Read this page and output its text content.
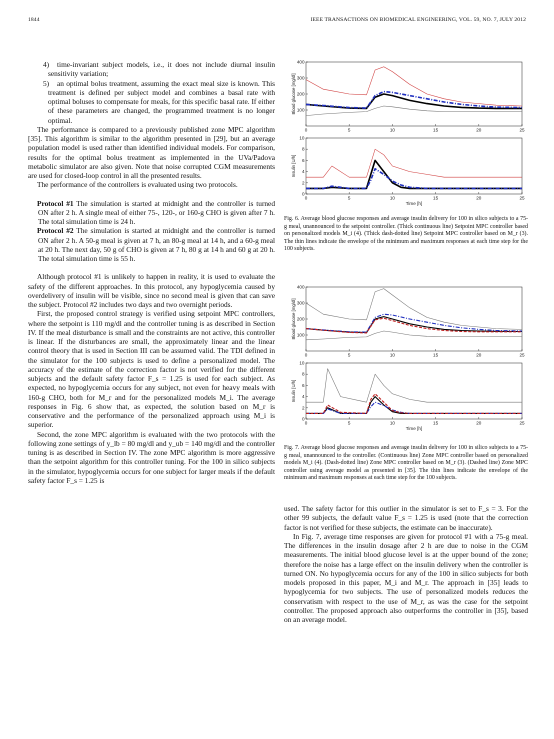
1844	IEEE TRANSACTIONS ON BIOMEDICAL ENGINEERING, VOL. 59, NO. 7, JULY 2012

4) time-invariant subject models, i.e., it does not include diurnal insulin sensitivity variation;

5) an optimal bolus treatment, assuming the exact meal size is known. This treatment is defined per subject model and combines a basal rate with optimal boluses to compensate for meals, for this specific basal rate. If either of these parameters are changed, the programmed treatment is no longer optimal.

The performance is compared to a previously published zone MPC algorithm [35]. This algorithm is similar to the algorithm presented in [29], but an average population model is used rather than identified individual models. For comparison, results for the optimal bolus treatment as implemented in the UVa/Padova metabolic simulator are also given. Note that noise corrupted CGM measurements are used for closed-loop control in all the presented results.

The performance of the controllers is evaluated using two protocols.

Protocol #1 The simulation is started at midnight and the controller is turned ON after 2 h. A single meal of either 75-, 120-, or 160-g CHO is given after 7 h. The total simulation time is 24 h.

Protocol #2 The simulation is started at midnight and the controller is turned ON after 2 h. A 50-g meal is given at 7 h, an 80-g meal at 14 h, and a 60-g meal at 20 h. The next day, 50 g of CHO is given at 7 h, 80 g at 14 h and 60 g at 20 h. The total simulation time is 55 h.

Although protocol #1 is unlikely to happen in reality, it is used to evaluate the safety of the different approaches. In this protocol, any hypoglycemia caused by overdelivery of insulin will be visible, since no second meal is given that can save the subject. Protocol #2 includes two days and two overnight periods.

First, the proposed control strategy is verified using setpoint MPC controllers, where the setpoint is 110 mg/dl and the controller tuning is as described in Section IV. If the meal disturbance is small and the constraints are not active, this controller is linear. If the disturbances are small, the approximately linear and the linear control theory that is used in Section III can be assumed valid. The TDI defined in the simulator for the 100 subjects is used to define a personalized model. The accuracy of the estimate of the correction factor is not verified for the different subjects and the default safety factor F_s = 1.25 is used for each subject. As expected, no hypoglycemia occurs for any subject, not even for heavy meals with 160-g CHO, both for M_r and for the personalized models M_i. The average responses in Fig. 6 show that, as expected, the solution based on M_r is conservative and the performance of the personalized approach using M_i is superior.

Second, the zone MPC algorithm is evaluated with the two protocols with the following zone settings of y_lb = 80 mg/dl and y_ub = 140 mg/dl and the controller tuning is as described in Section IV. The zone MPC algorithm is more aggressive than the setpoint algorithm for this controller tuning. For the 100 in silico subjects in the simulator, hypoglycemia occurs for one subject for larger meals if the default safety factor F_s = 1.25 is

100
200
300
400
0	5	10	15	20	25
Blood glucose [mg/dl]
0
2
4
6
8
10
0	5	10	15	20	25
Insulin [U/h]
Time [h]
Fig. 6. Average blood glucose responses and average insulin delivery for 100 in silico subjects to a 75-g meal, unannounced to the setpoint controller. (Thick continuous line) Setpoint MPC controller based on personalized models M_i (4). (Thick dash-dotted line) Setpoint MPC controller based on M_r (3). The thin lines indicate the envelope of the minimum and maximum responses at each time step for the 100 subjects.
100
200
300
400
0	5	10	15	20	25
Blood glucose [mg/dl]
0
2
4
6
8
10
0	5	10	15	20	25
Insulin [U/h]
Time [h]
Fig. 7. Average blood glucose responses and average insulin delivery for 100 in silico subjects to a 75-g meal, unannounced to the controller. (Continuous line) Zone MPC controller based on personalized models M_i (4). (Dash-dotted line) Zone MPC controller based on M_r (3). (Dashed line) Zone MPC controller using average model as presented in [35]. The thin lines indicate the envelope of the minimum and maximum responses at each time step for the 100 subjects.

used. The safety factor for this outlier in the simulator is set to F_s = 3. For the other 99 subjects, the default value F_s = 1.25 is used (note that the correction factor is not verified for these subjects, the estimate can be inaccurate).

In Fig. 7, average time responses are given for protocol #1 with a 75-g meal. The differences in the insulin dosage after 2 h are due to noise in the CGM measurements. The initial blood glucose level is at the upper bound of the zone; therefore the noise has a large effect on the insulin delivery when the controller is turned ON. No hypoglycemia occurs for any of the 100 in silico subjects for both models proposed in this paper, M_i and M_r. The approach in [35] leads to hypoglycemia for two subjects. The use of personalized models reduces the conservatism with respect to the use of M_r, as was the case for the setpoint controller. The proposed approach also outperforms the controller in [35], based on an average model.
